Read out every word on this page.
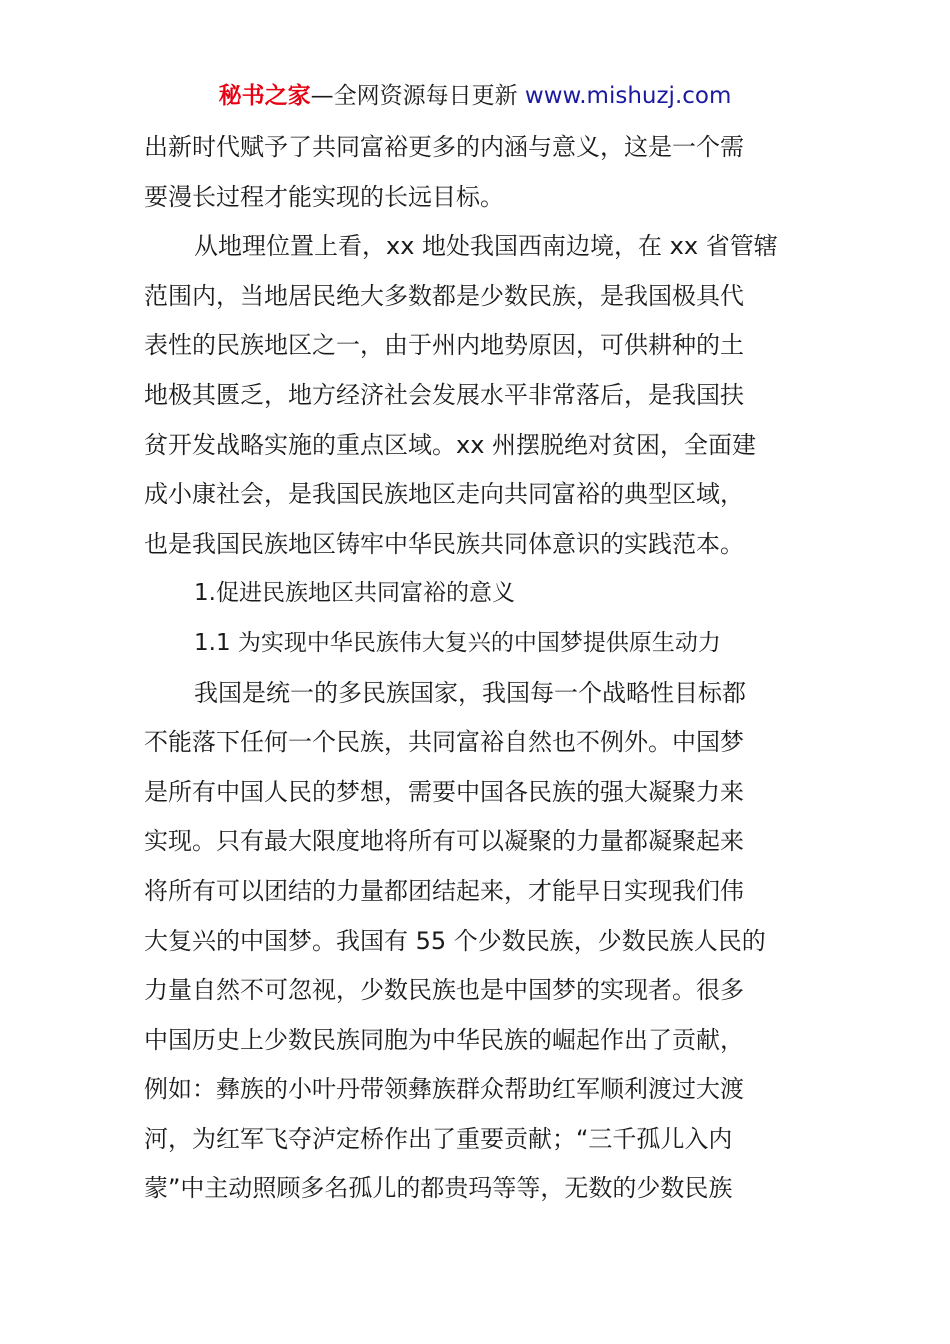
秘书之家—全网资源每日更新 www.mishuzj.com
出新时代赋予了共同富裕更多的内涵与意义，这是一个需
要漫长过程才能实现的长远目标。
从地理位置上看，xx 地处我国西南边境，在 xx 省管辖
范围内，当地居民绝大多数都是少数民族，是我国极具代
表性的民族地区之一，由于州内地势原因，可供耕种的土
地极其匮乏，地方经济社会发展水平非常落后，是我国扶
贫开发战略实施的重点区域。xx 州摆脱绝对贫困，全面建
成小康社会，是我国民族地区走向共同富裕的典型区域，
也是我国民族地区铸牢中华民族共同体意识的实践范本。
1.促进民族地区共同富裕的意义
1.1 为实现中华民族伟大复兴的中国梦提供原生动力
我国是统一的多民族国家，我国每一个战略性目标都
不能落下任何一个民族，共同富裕自然也不例外。中国梦
是所有中国人民的梦想，需要中国各民族的强大凝聚力来
实现。只有最大限度地将所有可以凝聚的力量都凝聚起来
将所有可以团结的力量都团结起来，才能早日实现我们伟
大复兴的中国梦。我国有 55 个少数民族，少数民族人民的
力量自然不可忽视，少数民族也是中国梦的实现者。很多
中国历史上少数民族同胞为中华民族的崛起作出了贡献，
例如：彝族的小叶丹带领彝族群众帮助红军顺利渡过大渡
河，为红军飞夺泸定桥作出了重要贡献；“三千孤儿入内
蒙”中主动照顾多名孤儿的都贵玛等等，无数的少数民族
